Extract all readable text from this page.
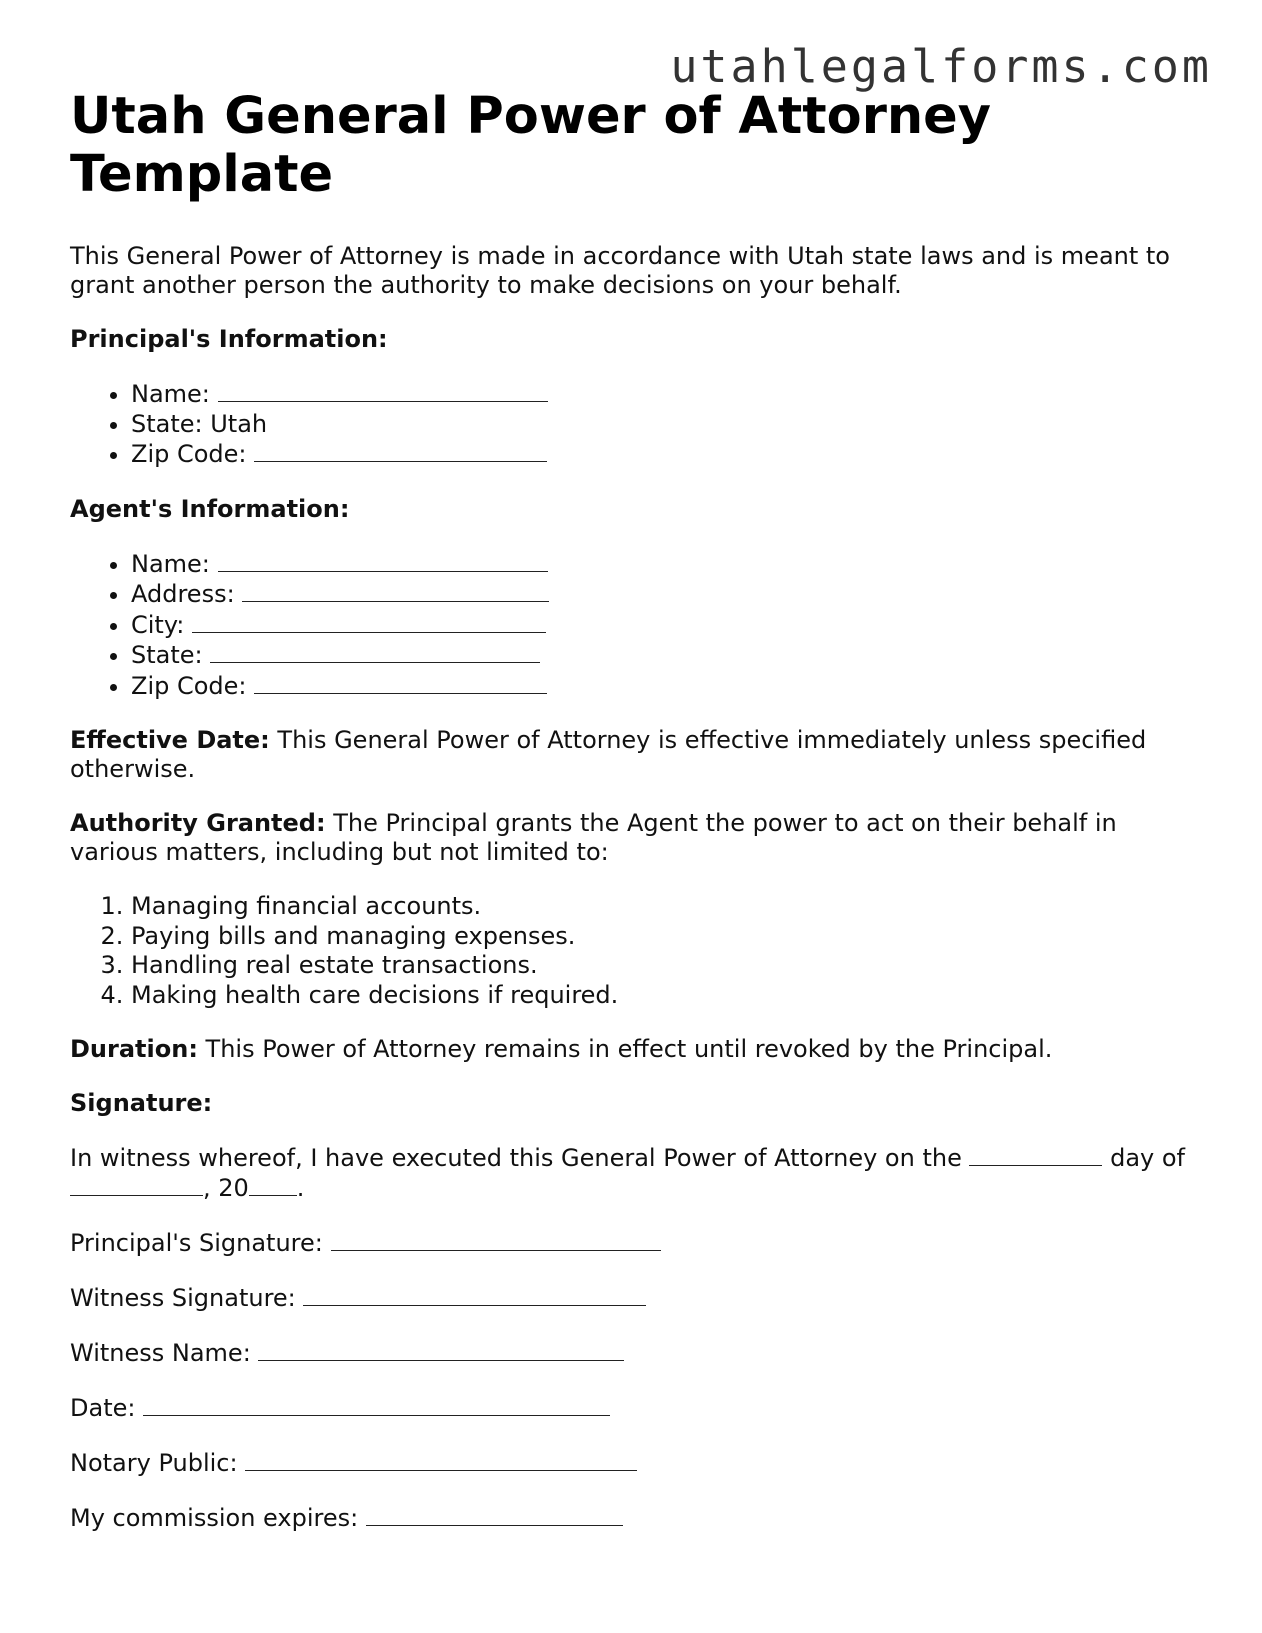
utahlegalforms.com
Utah General Power of Attorney Template

This General Power of Attorney is made in accordance with Utah state laws and is meant to grant another person the authority to make decisions on your behalf.

Principal's Information:

• Name:
• State: Utah
• Zip Code:

Agent's Information:

• Name:
• Address:
• City:
• State:
• Zip Code:

Effective Date: This General Power of Attorney is effective immediately unless specified otherwise.

Authority Granted: The Principal grants the Agent the power to act on their behalf in various matters, including but not limited to:

1. Managing financial accounts.
2. Paying bills and managing expenses.
3. Handling real estate transactions.
4. Making health care decisions if required.

Duration: This Power of Attorney remains in effect until revoked by the Principal.

Signature:

In witness whereof, I have executed this General Power of Attorney on the	day of , 20 .

Principal's Signature:

Witness Signature:

Witness Name:

Date:

Notary Public:

My commission expires:
